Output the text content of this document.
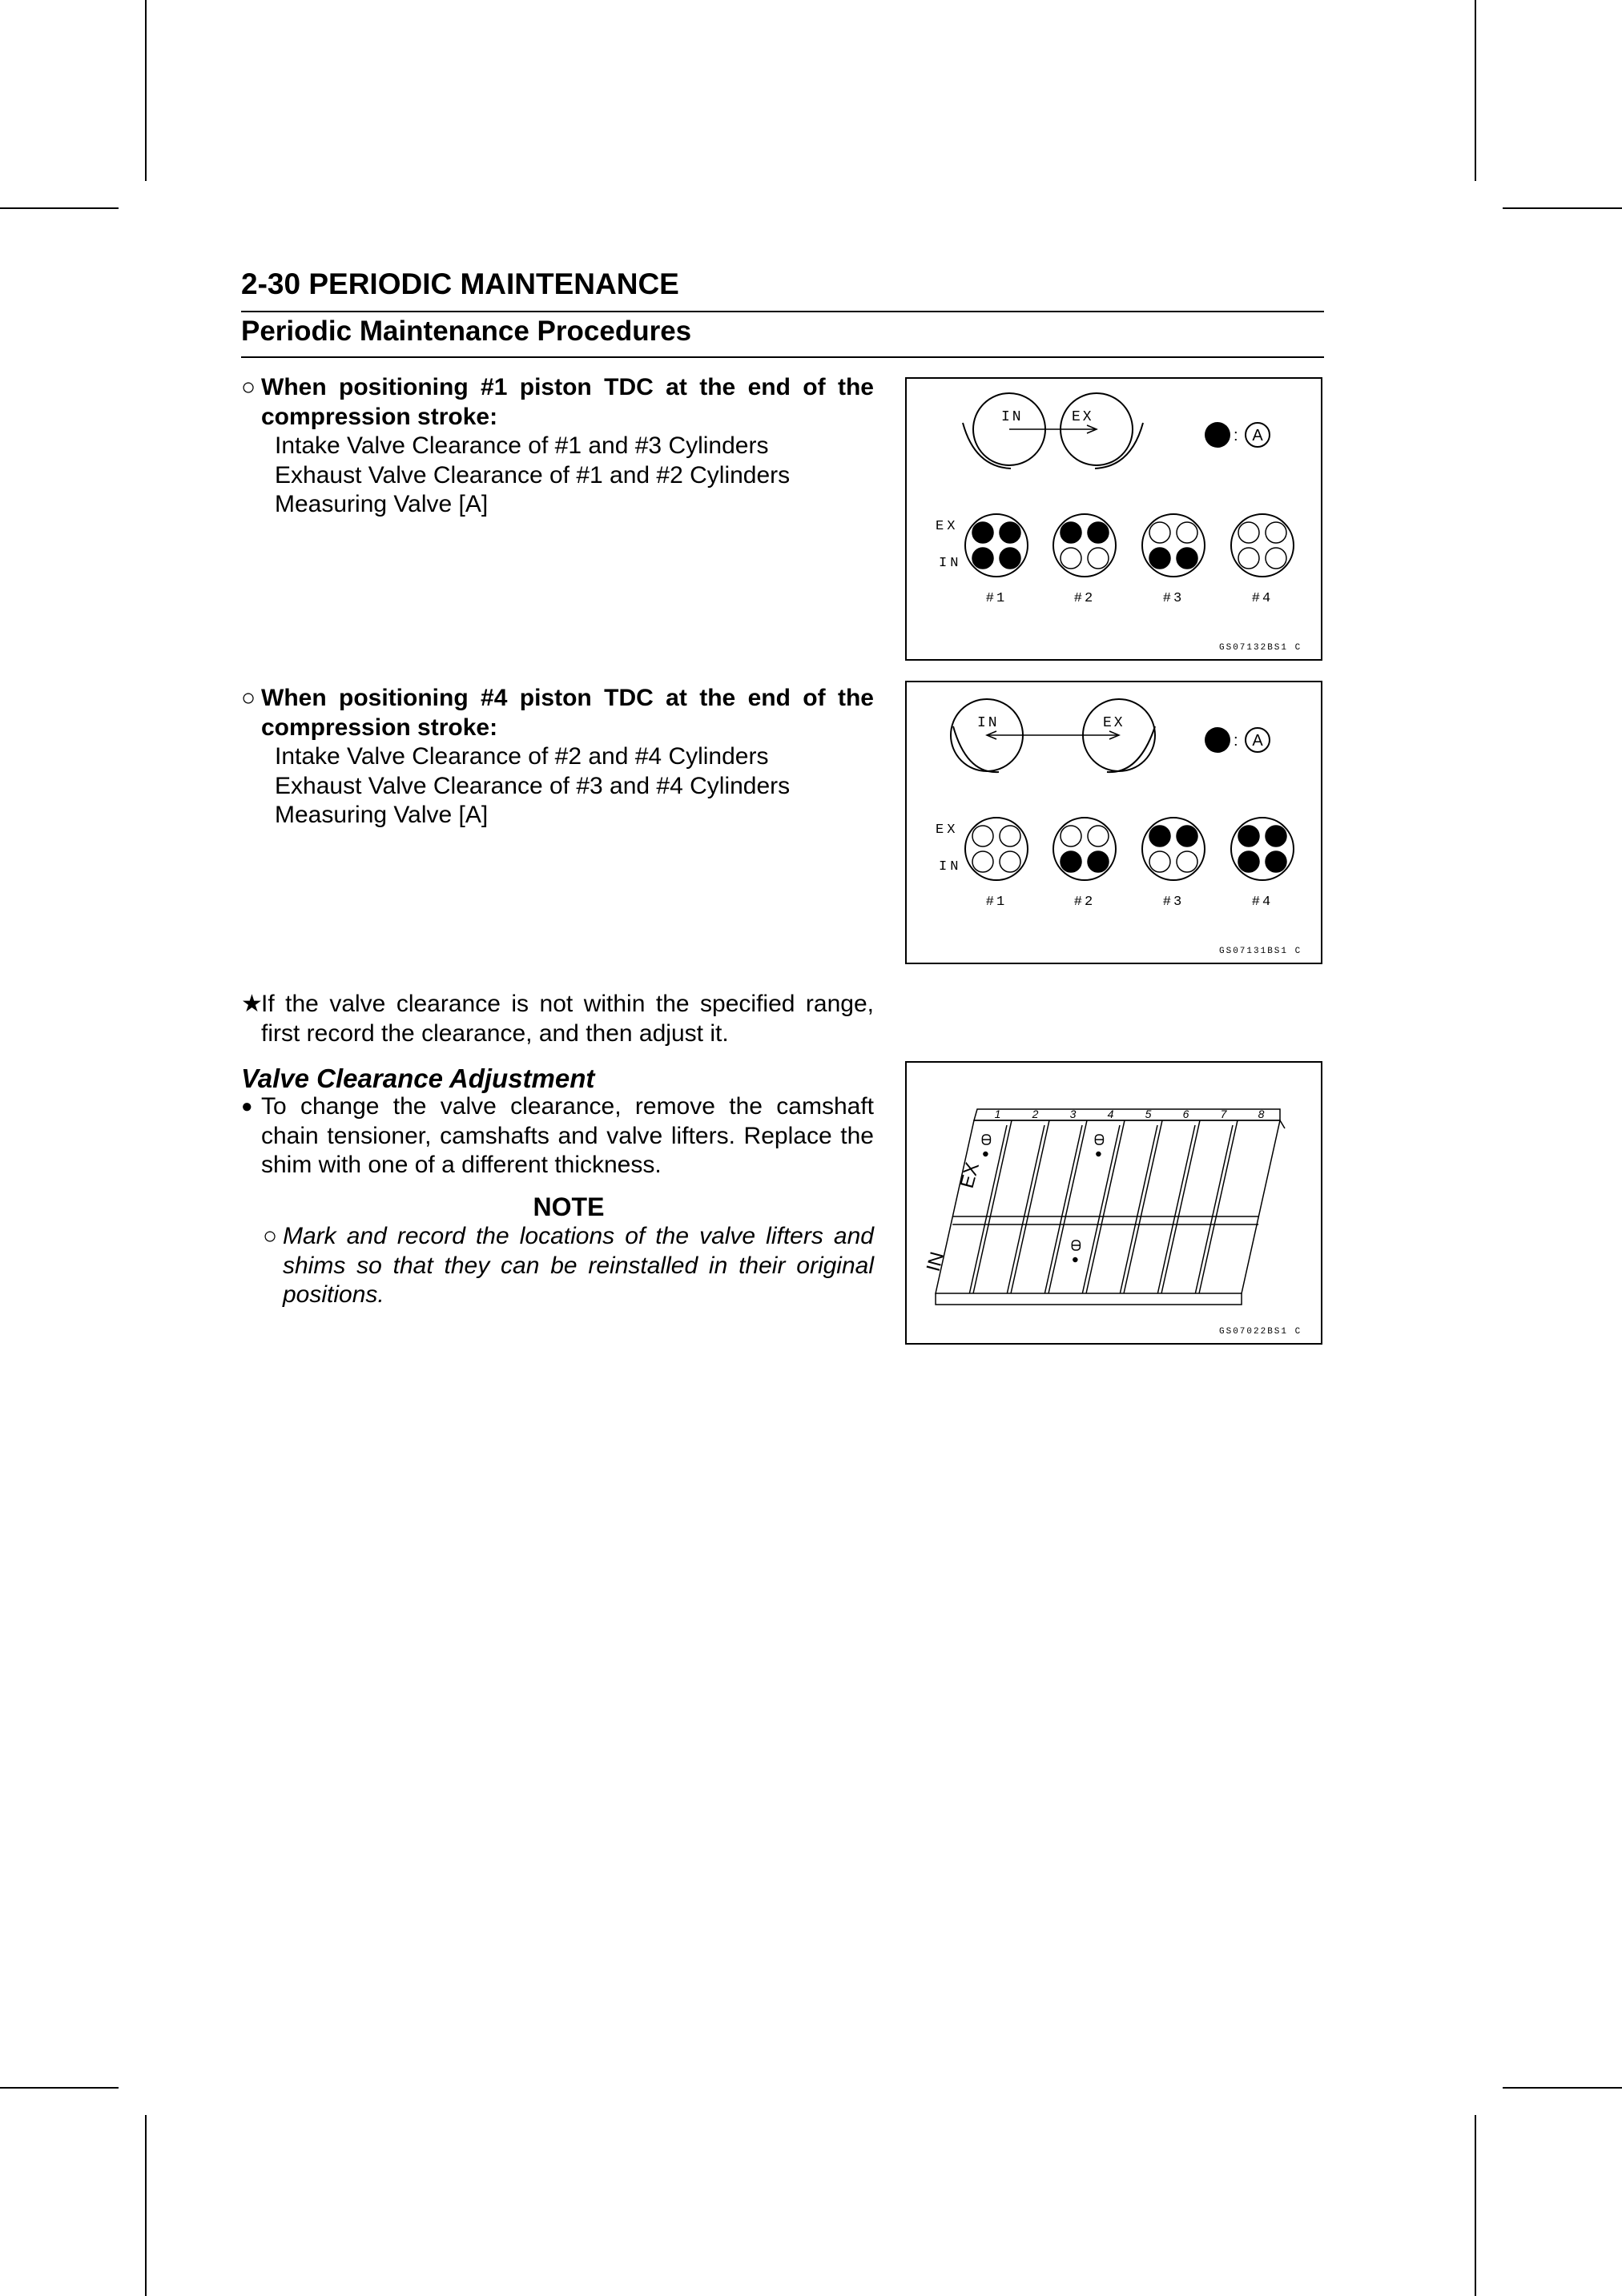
2-30 PERIODIC MAINTENANCE
Periodic Maintenance Procedures
○ When positioning #1 piston TDC at the end of the
compression stroke:
Intake Valve Clearance of #1 and #3 Cylinders
Exhaust Valve Clearance of #1 and #2 Cylinders
Measuring Valve [A]
○ When positioning #4 piston TDC at the end of the
compression stroke:
Intake Valve Clearance of #2 and #4 Cylinders
Exhaust Valve Clearance of #3 and #4 Cylinders
Measuring Valve [A]
★
If the valve clearance is not within the specified range, first record the clearance, and then adjust it.
Valve Clearance Adjustment
● To change the valve clearance, remove the camshaft chain tensioner, camshafts and valve lifters. Replace the shim with one of a different thickness.
NOTE
○ Mark and record the locations of the valve lifters and shims so that they can be reinstalled in their original positions.
IN	EX
: A
EX
IN
#1	#2	#3	#4
GS07132BS1 C
IN	EX
: A
EX
IN
#1	#2	#3	#4
GS07131BS1 C
1	2	3	4	5	6	7	8
EX
IN
GS07022BS1 C
